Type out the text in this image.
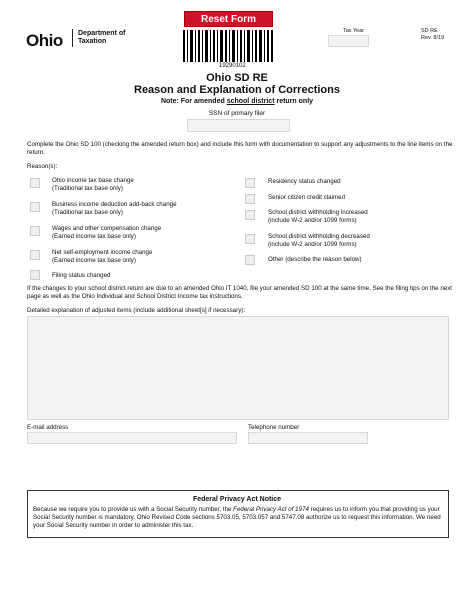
Ohio Department of
Taxation
Reset Form
19290102
Tax Year	SD RE
Rev. 8/19
Ohio SD RE
Reason and Explanation of Corrections
Note: For amended school district return only
SSN of primary filer
Complete the Ohio SD 100 (checking the amended return box) and include this form with documentation to support any adjustments to the line items on the return.
Reason(s):
Ohio income tax base change
(Traditional tax base only)
Business income deduction add-back change
(Traditional tax base only)
Wages and other compensation change
(Earned income tax base only)
Net self-employment income change
(Earned income tax base only)
Filing status changed
Residency status changed
Senior citizen credit claimed
School district withholding increased
(include W-2 and/or 1099 forms)
School district withholding decreased
(include W-2 and/or 1099 forms)
Other (describe the reason below)
If the changes to your school district return are due to an amended Ohio IT 1040, file your amended SD 100 at the same time. See the filing tips on the next page as well as the Ohio Individual and School District Income tax instructions.
Detailed explanation of adjusted items (include additional sheet[s] if necessary):
E-mail address	Telephone number
Federal Privacy Act Notice
Because we require you to provide us with a Social Security number, the Federal Privacy Act of 1974 requires us to inform you that providing us your Social Security number is mandatory. Ohio Revised Code sections 5703.05, 5703.057 and 5747.08 authorize us to request this information. We need your Social Security number in order to administer this tax.
